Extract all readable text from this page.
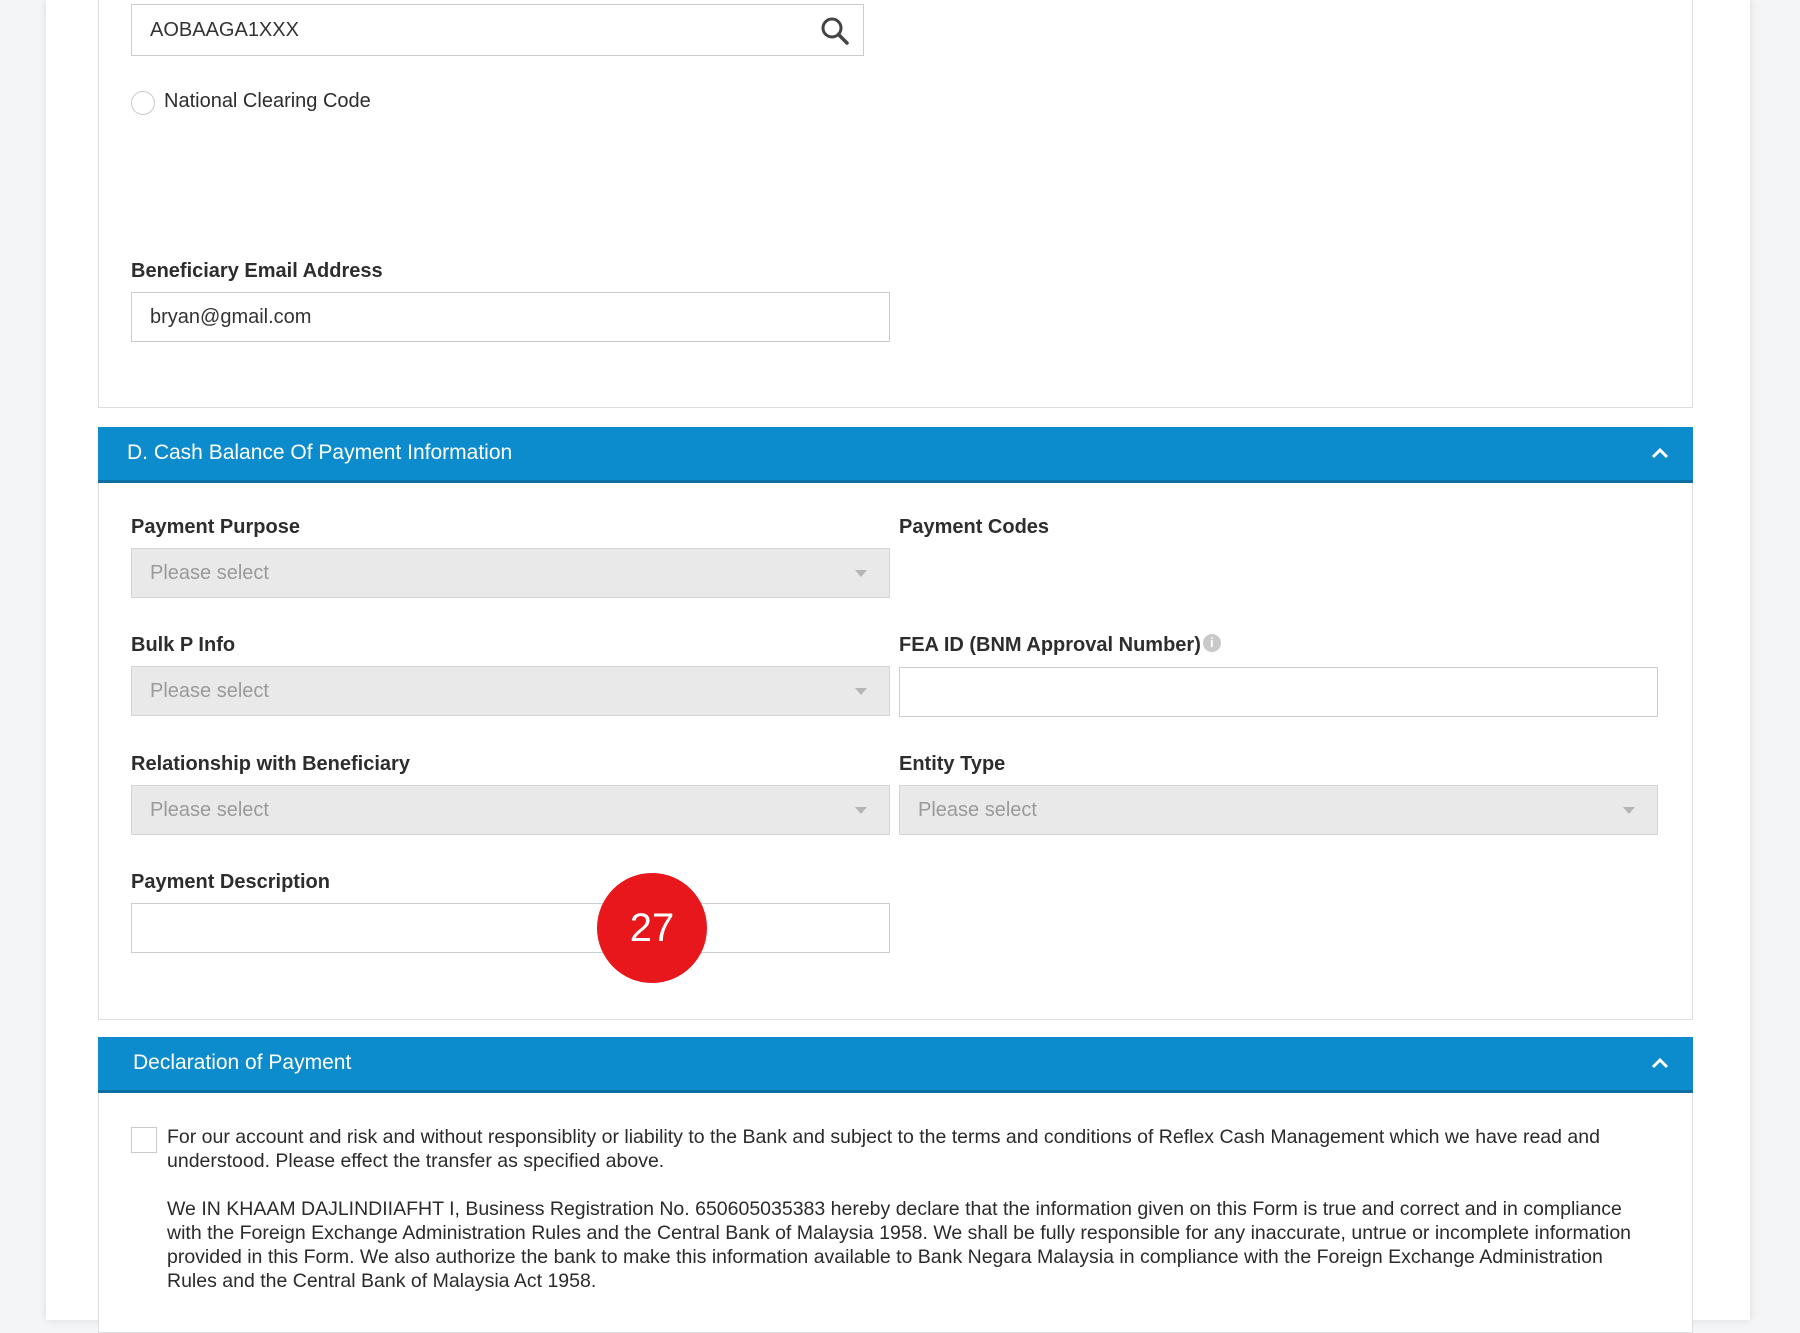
AOBAAGA1XXX
National Clearing Code
Beneficiary Email Address
bryan@gmail.com
D. Cash Balance Of Payment Information
Payment Purpose
Please select
Payment Codes
Bulk P Info
Please select
FEA ID (BNM Approval Number) i
Relationship with Beneficiary
Please select
Entity Type
Please select
Payment Description
27
Declaration of Payment
For our account and risk and without responsiblity or liability to the Bank and subject to the terms and conditions of Reflex Cash Management which we have read and understood. Please effect the transfer as specified above.
We IN KHAAM DAJLINDIIAFHT I, Business Registration No. 650605035383 hereby declare that the information given on this Form is true and correct and in compliance with the Foreign Exchange Administration Rules and the Central Bank of Malaysia 1958. We shall be fully responsible for any inaccurate, untrue or incomplete information provided in this Form. We also authorize the bank to make this information available to Bank Negara Malaysia in compliance with the Foreign Exchange Administration Rules and the Central Bank of Malaysia Act 1958.
